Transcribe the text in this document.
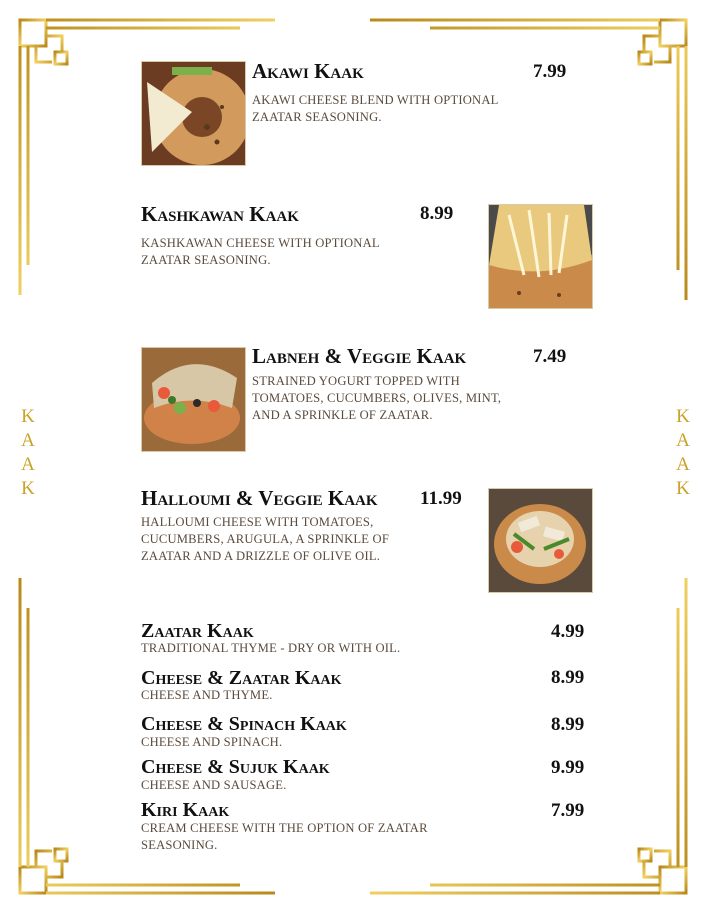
K
A
A
K
K
A
A
K
Akawi Kaak	7.99
AKAWI CHEESE BLEND WITH OPTIONAL ZAATAR SEASONING.
Kashkawan Kaak	8.99
KASHKAWAN CHEESE WITH OPTIONAL ZAATAR SEASONING.
Labneh & Veggie Kaak	7.49
STRAINED YOGURT TOPPED WITH TOMATOES, CUCUMBERS, OLIVES, MINT, AND A SPRINKLE OF ZAATAR.
Halloumi & Veggie Kaak 11.99
HALLOUMI CHEESE WITH TOMATOES, CUCUMBERS, ARUGULA, A SPRINKLE OF ZAATAR AND A DRIZZLE OF OLIVE OIL.
Zaatar Kaak	4.99
TRADITIONAL THYME - DRY OR WITH OIL.
Cheese & Zaatar Kaak	8.99
CHEESE AND THYME.
Cheese & Spinach Kaak	8.99
CHEESE AND SPINACH.
Cheese & Sujuk Kaak	9.99
CHEESE AND SAUSAGE.
Kiri Kaak	7.99
CREAM CHEESE WITH THE OPTION OF ZAATAR SEASONING.
